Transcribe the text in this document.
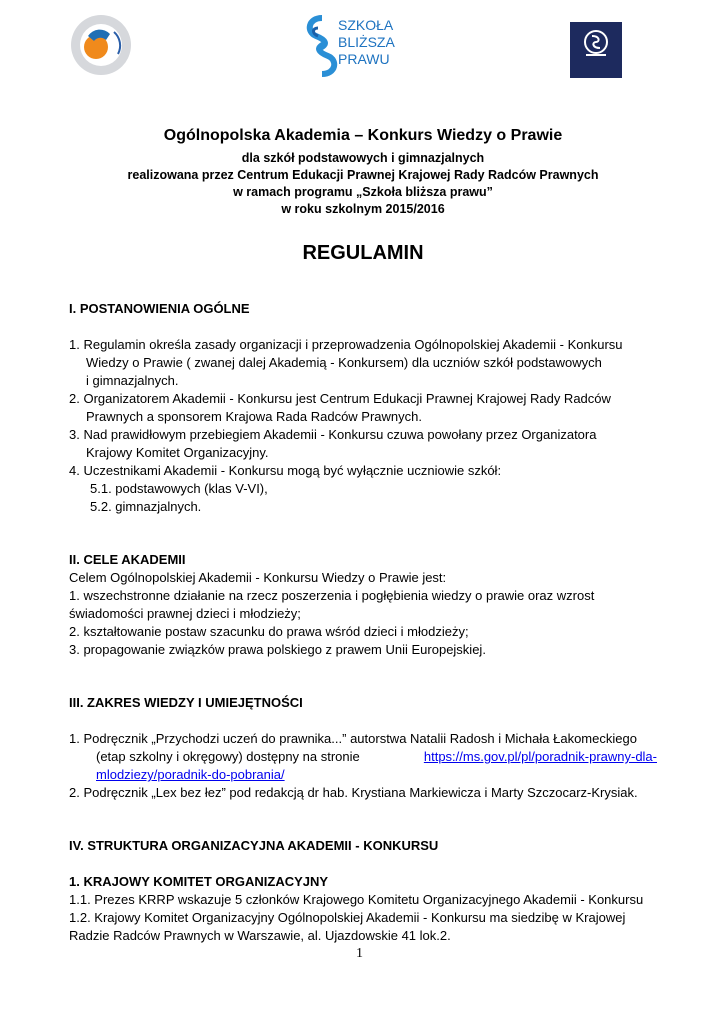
SZKOŁA
BLIŻSZA
PRAWU
Ogólnopolska Akademia – Konkurs Wiedzy o Prawie
dla szkół podstawowych i gimnazjalnych
realizowana przez Centrum Edukacji Prawnej Krajowej Rady Radców Prawnych
w ramach programu „Szkoła bliższa prawu”
w roku szkolnym 2015/2016
REGULAMIN
I. POSTANOWIENIA OGÓLNE
1. Regulamin określa zasady organizacji i przeprowadzenia Ogólnopolskiej Akademii - Konkursu
Wiedzy o Prawie ( zwanej dalej Akademią - Konkursem) dla uczniów szkół podstawowych
i gimnazjalnych.
2. Organizatorem Akademii - Konkursu jest Centrum Edukacji Prawnej Krajowej Rady Radców
Prawnych a sponsorem Krajowa Rada Radców Prawnych.
3. Nad prawidłowym przebiegiem Akademii - Konkursu czuwa powołany przez Organizatora
Krajowy Komitet Organizacyjny.
4. Uczestnikami Akademii - Konkursu mogą być wyłącznie uczniowie szkół:
5.1. podstawowych (klas V-VI),
5.2. gimnazjalnych.
II. CELE AKADEMII
Celem Ogólnopolskiej Akademii - Konkursu Wiedzy o Prawie jest:
1. wszechstronne działanie na rzecz poszerzenia i pogłębienia wiedzy o prawie oraz wzrost
świadomości prawnej dzieci i młodzieży;
2. kształtowanie postaw szacunku do prawa wśród dzieci i młodzieży;
3. propagowanie związków prawa polskiego z prawem Unii Europejskiej.
III. ZAKRES WIEDZY I UMIEJĘTNOŚCI
1. Podręcznik „Przychodzi uczeń do prawnika...” autorstwa Natalii Radosh i Michała Łakomeckiego
(etap szkolny i okręgowy) dostępny na stronie	https://ms.gov.pl/pl/poradnik-prawny-dla-
mlodziezy/poradnik-do-pobrania/
2. Podręcznik „Lex bez łez” pod redakcją dr hab. Krystiana Markiewicza i Marty Szczocarz-Krysiak.
IV. STRUKTURA ORGANIZACYJNA AKADEMII - KONKURSU
1. KRAJOWY KOMITET ORGANIZACYJNY
1.1. Prezes KRRP wskazuje 5 członków Krajowego Komitetu Organizacyjnego Akademii - Konkursu
1.2. Krajowy Komitet Organizacyjny Ogólnopolskiej Akademii - Konkursu ma siedzibę w Krajowej
Radzie Radców Prawnych w Warszawie, al. Ujazdowskie 41 lok.2.
1
